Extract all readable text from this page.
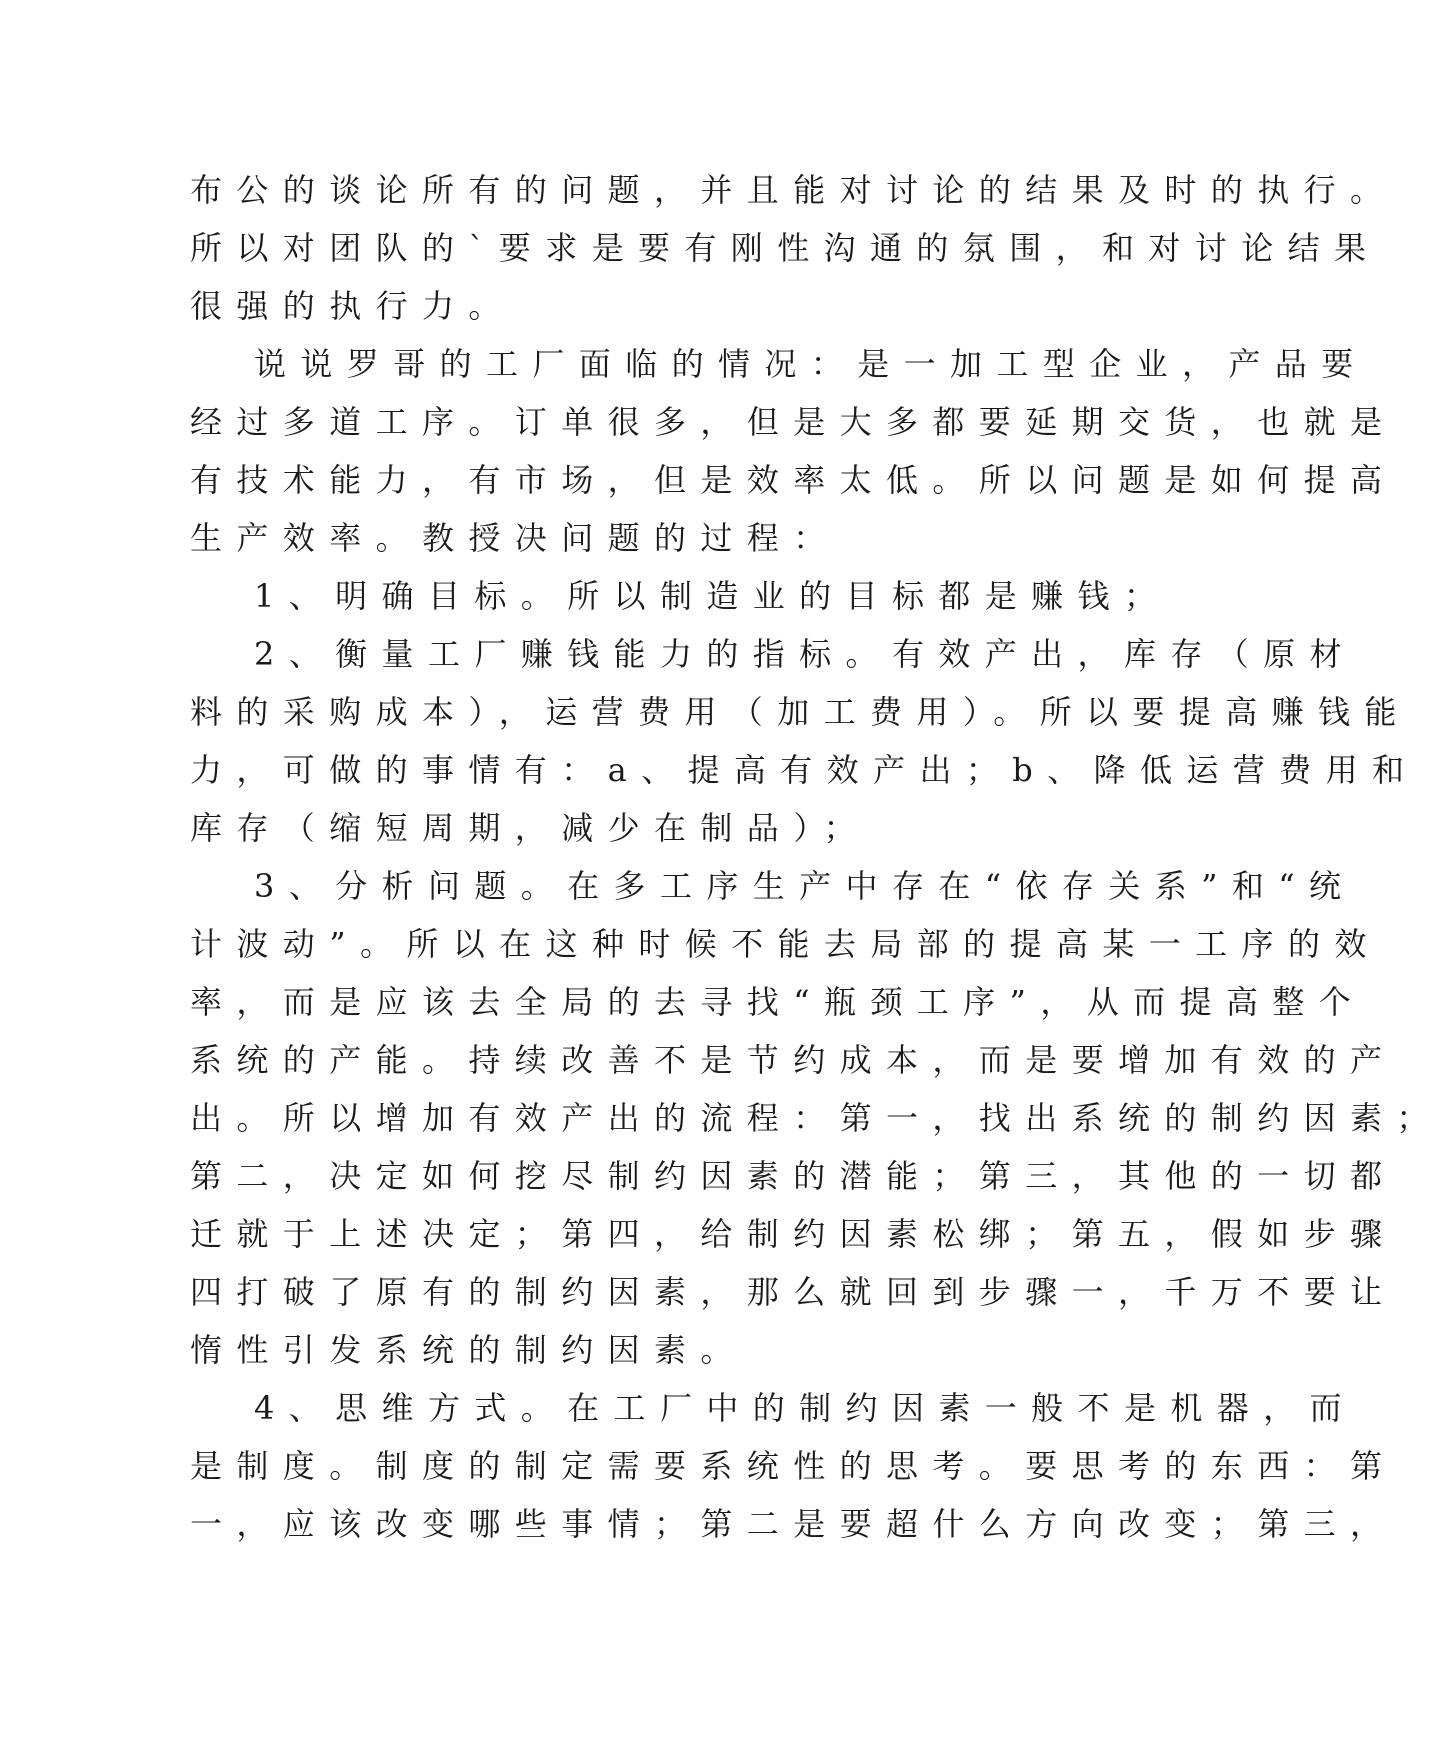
布公的谈论所有的问题，并且能对讨论的结果及时的执行。
所以对团队的`要求是要有刚性沟通的氛围，和对讨论结果
很强的执行力。

说说罗哥的工厂面临的情况：是一加工型企业，产品要
经过多道工序。订单很多，但是大多都要延期交货，也就是
有技术能力，有市场，但是效率太低。所以问题是如何提高
生产效率。教授决问题的过程：

1、明确目标。所以制造业的目标都是赚钱；

2、衡量工厂赚钱能力的指标。有效产出，库存（原材
料的采购成本），运营费用（加工费用）。所以要提高赚钱能
力，可做的事情有：a、提高有效产出；b、降低运营费用和
库存（缩短周期，减少在制品）；

3、分析问题。在多工序生产中存在“依存关系”和“统
计波动”。所以在这种时候不能去局部的提高某一工序的效
率，而是应该去全局的去寻找“瓶颈工序”，从而提高整个
系统的产能。持续改善不是节约成本，而是要增加有效的产
出。所以增加有效产出的流程：第一，找出系统的制约因素；
第二，决定如何挖尽制约因素的潜能；第三，其他的一切都
迁就于上述决定；第四，给制约因素松绑；第五，假如步骤
四打破了原有的制约因素，那么就回到步骤一，千万不要让
惰性引发系统的制约因素。

4、思维方式。在工厂中的制约因素一般不是机器，而
是制度。制度的制定需要系统性的思考。要思考的东西：第
一，应该改变哪些事情；第二是要超什么方向改变；第三，
